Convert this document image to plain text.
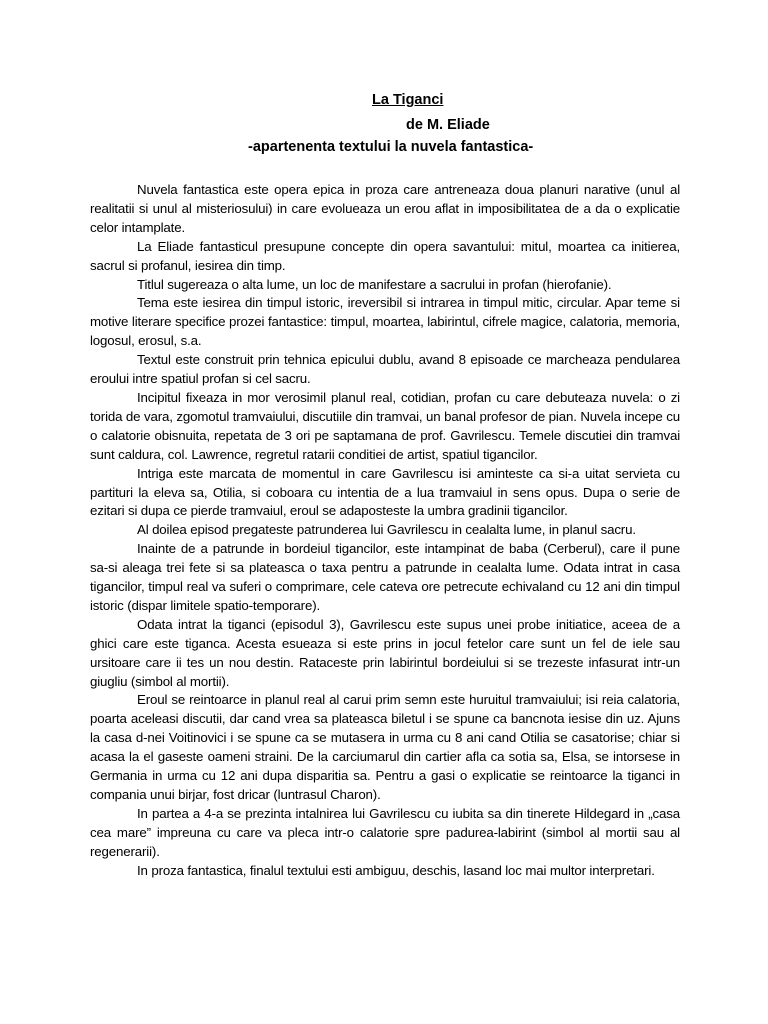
La Tiganci
de M. Eliade
-apartenenta textului la nuvela fantastica-

Nuvela fantastica este opera epica in proza care antreneaza doua planuri narative (unul al realitatii si unul al misteriosului) in care evolueaza un erou aflat in imposibilitatea de a da o explicatie celor intamplate.

La Eliade fantasticul presupune concepte din opera savantului: mitul, moartea ca initierea, sacrul si profanul, iesirea din timp.

Titlul sugereaza o alta lume, un loc de manifestare a sacrului in profan (hierofanie).

Tema este iesirea din timpul istoric, ireversibil si intrarea in timpul mitic, circular. Apar teme si motive literare specifice prozei fantastice: timpul, moartea, labirintul, cifrele magice, calatoria, memoria, logosul, erosul, s.a.

Textul este construit prin tehnica epicului dublu, avand 8 episoade ce marcheaza pendularea eroului intre spatiul profan si cel sacru.

Incipitul fixeaza in mor verosimil planul real, cotidian, profan cu care debuteaza nuvela: o zi torida de vara, zgomotul tramvaiului, discutiile din tramvai, un banal profesor de pian. Nuvela incepe cu o calatorie obisnuita, repetata de 3 ori pe saptamana de prof. Gavrilescu. Temele discutiei din tramvai sunt caldura, col. Lawrence, regretul ratarii conditiei de artist, spatiul tigancilor.

Intriga este marcata de momentul in care Gavrilescu isi aminteste ca si-a uitat servieta cu partituri la eleva sa, Otilia, si coboara cu intentia de a lua tramvaiul in sens opus. Dupa o serie de ezitari si dupa ce pierde tramvaiul, eroul se adaposteste la umbra gradinii tigancilor.

Al doilea episod pregateste patrunderea lui Gavrilescu in cealalta lume, in planul sacru.

Inainte de a patrunde in bordeiul tigancilor, este intampinat de baba (Cerberul), care il pune sa-si aleaga trei fete si sa plateasca o taxa pentru a patrunde in cealalta lume. Odata intrat in casa tigancilor, timpul real va suferi o comprimare, cele cateva ore petrecute echivaland cu 12 ani din timpul istoric (dispar limitele spatio-temporare).

Odata intrat la tiganci (episodul 3), Gavrilescu este supus unei probe initiatice, aceea de a ghici care este tiganca. Acesta esueaza si este prins in jocul fetelor care sunt un fel de iele sau ursitoare care ii tes un nou destin. Rataceste prin labirintul bordeiului si se trezeste infasurat intr-un giugliu (simbol al mortii).

Eroul se reintoarce in planul real al carui prim semn este huruitul tramvaiului; isi reia calatoria, poarta aceleasi discutii, dar cand vrea sa plateasca biletul i se spune ca bancnota iesise din uz. Ajuns la casa d-nei Voitinovici i se spune ca se mutasera in urma cu 8 ani cand Otilia se casatorise; chiar si acasa la el gaseste oameni straini. De la carciumarul din cartier afla ca sotia sa, Elsa, se intorsese in Germania in urma cu 12 ani dupa disparitia sa. Pentru a gasi o explicatie se reintoarce la tiganci in compania unui birjar, fost dricar (luntrasul Charon).

In partea a 4-a se prezinta intalnirea lui Gavrilescu cu iubita sa din tinerete Hildegard in „casa cea mare” impreuna cu care va pleca intr-o calatorie spre padurea-labirint (simbol al mortii sau al regenerarii).

In proza fantastica, finalul textului esti ambiguu, deschis, lasand loc mai multor interpretari.
